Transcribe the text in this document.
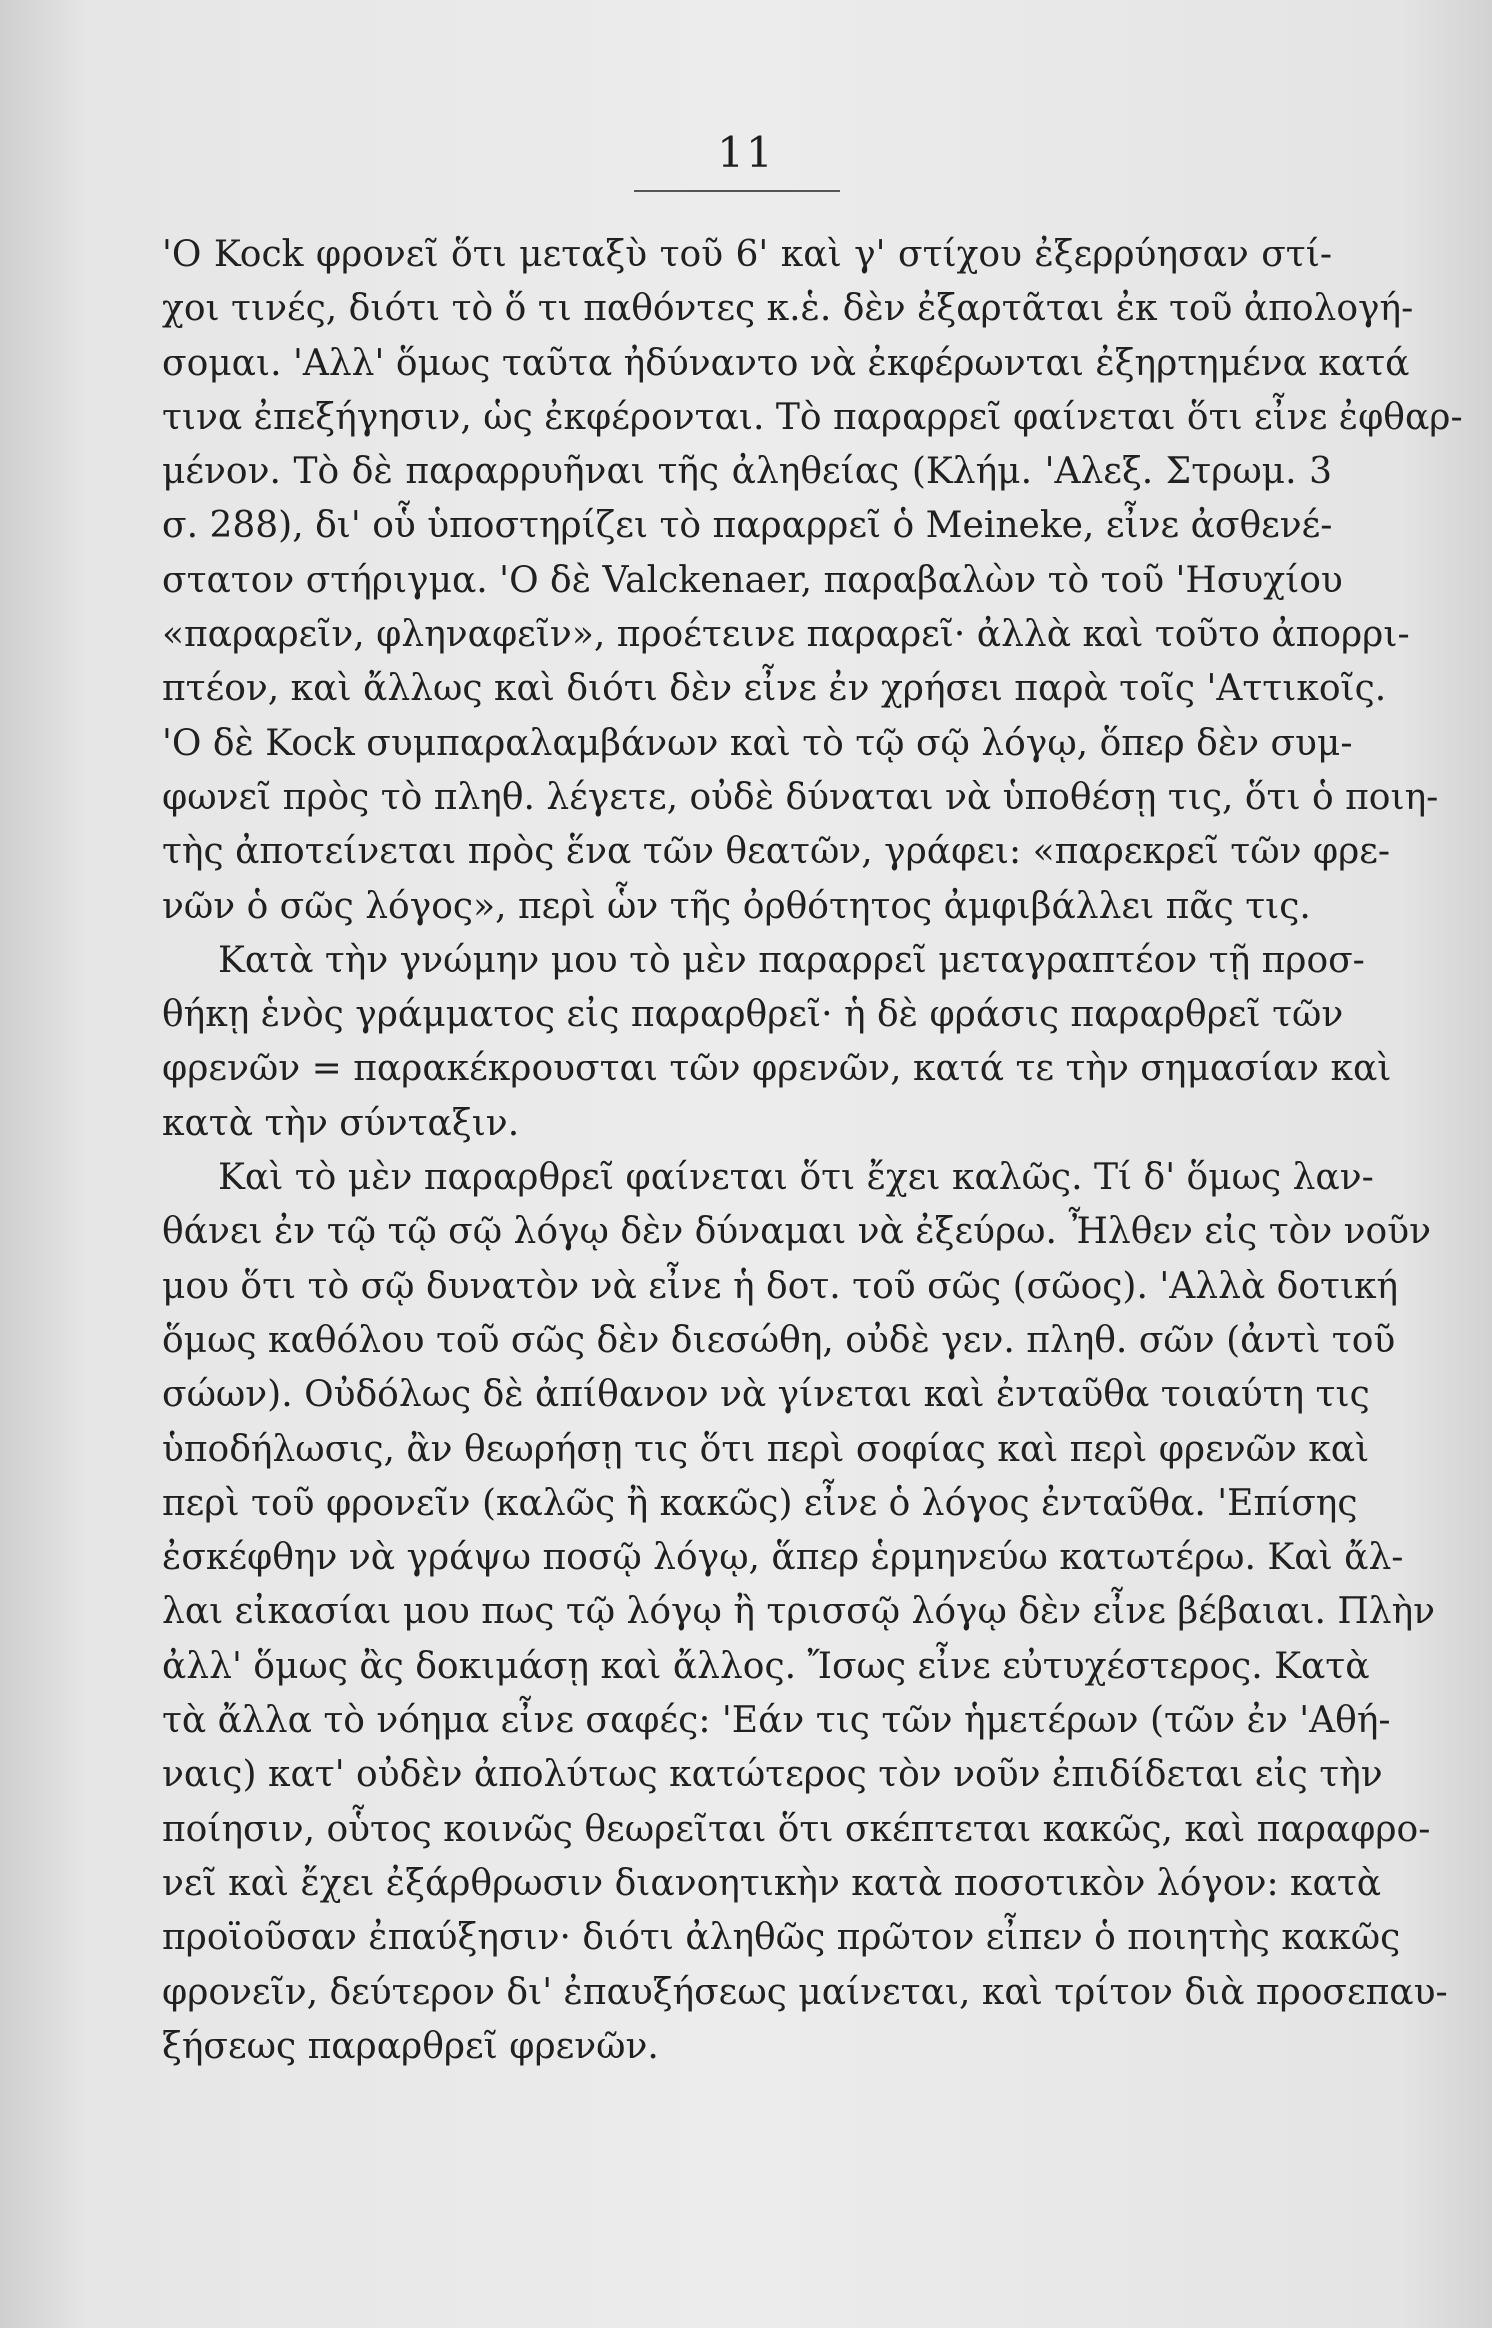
11
'Ο Kock φρονεῖ ὅτι μεταξὺ τοῦ 6' καὶ γ' στίχου ἐξερρύησαν στί-
χοι τινές, διότι τὸ ὅ τι παθόντες κ.ἑ. δὲν ἐξαρτᾶται ἐκ τοῦ ἀπολογή-
σομαι. 'Αλλ' ὅμως ταῦτα ἠδύναντο νὰ ἐκφέρωνται ἐξηρτημένα κατά
τινα ἐπεξήγησιν, ὡς ἐκφέρονται. Τὸ παραρρεῖ φαίνεται ὅτι εἶνε ἐφθαρ-
μένον. Τὸ δὲ παραρρυῆναι τῆς ἀληθείας (Κλήμ. 'Αλεξ. Στρωμ. 3
σ. 288), δι' οὗ ὑποστηρίζει τὸ παραρρεῖ ὁ Meineke, εἶνε ἀσθενέ-
στατον στήριγμα. 'Ο δὲ Valckenaer, παραβαλὼν τὸ τοῦ 'Ησυχίου
«παραρεῖν, φληναφεῖν», προέτεινε παραρεῖ· ἀλλὰ καὶ τοῦτο ἀπορρι-
πτέον, καὶ ἄλλως καὶ διότι δὲν εἶνε ἐν χρήσει παρὰ τοῖς 'Αττικοῖς.
'Ο δὲ Kock συμπαραλαμβάνων καὶ τὸ τῷ σῷ λόγῳ, ὅπερ δὲν συμ-
φωνεῖ πρὸς τὸ πληθ. λέγετε, οὐδὲ δύναται νὰ ὑποθέσῃ τις, ὅτι ὁ ποιη-
τὴς ἀποτείνεται πρὸς ἕνα τῶν θεατῶν, γράφει: «παρεκρεῖ τῶν φρε-
νῶν ὁ σῶς λόγος», περὶ ὧν τῆς ὀρθότητος ἀμφιβάλλει πᾶς τις.
Κατὰ τὴν γνώμην μου τὸ μὲν παραρρεῖ μεταγραπτέον τῇ προσ-
θήκῃ ἑνὸς γράμματος εἰς παραρθρεῖ· ἡ δὲ φράσις παραρθρεῖ τῶν
φρενῶν = παρακέκρουσται τῶν φρενῶν, κατά τε τὴν σημασίαν καὶ
κατὰ τὴν σύνταξιν.
Καὶ τὸ μὲν παραρθρεῖ φαίνεται ὅτι ἔχει καλῶς. Τί δ' ὅμως λαν-
θάνει ἐν τῷ τῷ σῷ λόγῳ δὲν δύναμαι νὰ ἐξεύρω. Ἦλθεν εἰς τὸν νοῦν
μου ὅτι τὸ σῷ δυνατὸν νὰ εἶνε ἡ δοτ. τοῦ σῶς (σῶος). 'Αλλὰ δοτική
ὅμως καθόλου τοῦ σῶς δὲν διεσώθη, οὐδὲ γεν. πληθ. σῶν (ἀντὶ τοῦ
σώων). Οὐδόλως δὲ ἀπίθανον νὰ γίνεται καὶ ἐνταῦθα τοιαύτη τις
ὑποδήλωσις, ἂν θεωρήσῃ τις ὅτι περὶ σοφίας καὶ περὶ φρενῶν καὶ
περὶ τοῦ φρονεῖν (καλῶς ἢ κακῶς) εἶνε ὁ λόγος ἐνταῦθα. 'Επίσης
ἐσκέφθην νὰ γράψω ποσῷ λόγῳ, ἅπερ ἑρμηνεύω κατωτέρω. Καὶ ἄλ-
λαι εἰκασίαι μου πως τῷ λόγῳ ἢ τρισσῷ λόγῳ δὲν εἶνε βέβαιαι. Πλὴν
ἀλλ' ὅμως ἂς δοκιμάσῃ καὶ ἄλλος. Ἴσως εἶνε εὐτυχέστερος. Κατὰ
τὰ ἄλλα τὸ νόημα εἶνε σαφές: 'Εάν τις τῶν ἡμετέρων (τῶν ἐν 'Αθή-
ναις) κατ' οὐδὲν ἀπολύτως κατώτερος τὸν νοῦν ἐπιδίδεται εἰς τὴν
ποίησιν, οὗτος κοινῶς θεωρεῖται ὅτι σκέπτεται κακῶς, καὶ παραφρο-
νεῖ καὶ ἔχει ἐξάρθρωσιν διανοητικὴν κατὰ ποσοτικὸν λόγον: κατὰ
προϊοῦσαν ἐπαύξησιν· διότι ἀληθῶς πρῶτον εἶπεν ὁ ποιητὴς κακῶς
φρονεῖν, δεύτερον δι' ἐπαυξήσεως μαίνεται, καὶ τρίτον διὰ προσεπαυ-
ξήσεως παραρθρεῖ φρενῶν.
